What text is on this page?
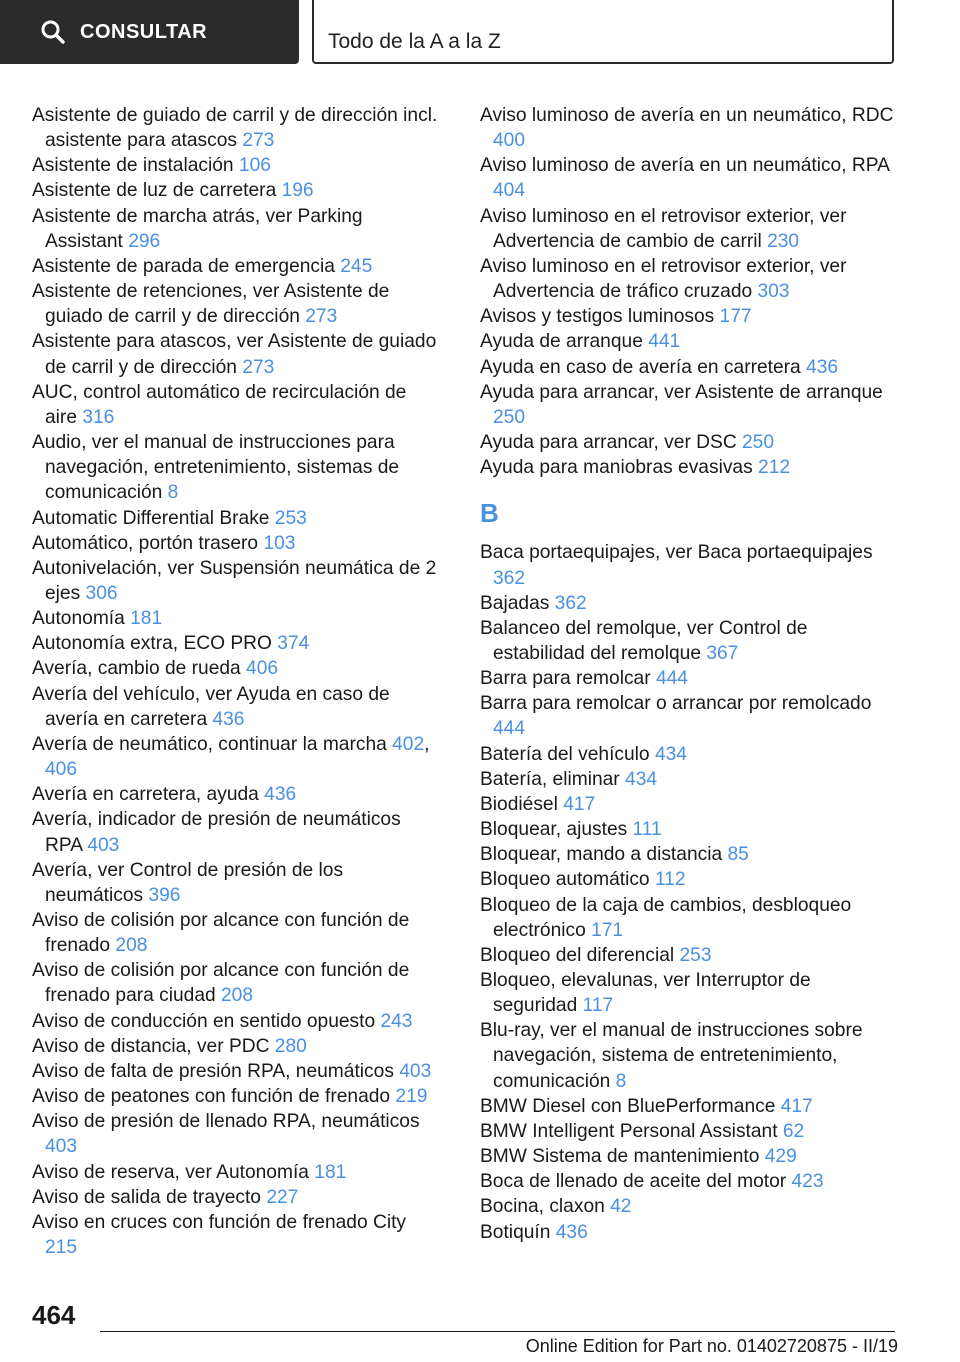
CONSULTAR	Todo de la A a la Z
Asistente de guiado de carril y de dirección incl. asistente para atascos 273
Asistente de instalación 106
Asistente de luz de carretera 196
Asistente de marcha atrás, ver Parking Assistant 296
Asistente de parada de emergencia 245
Asistente de retenciones, ver Asistente de guiado de carril y de dirección 273
Asistente para atascos, ver Asistente de guiado de carril y de dirección 273
AUC, control automático de recirculación de aire 316
Audio, ver el manual de instrucciones para navegación, entretenimiento, sistemas de comunicación 8
Automatic Differential Brake 253
Automático, portón trasero 103
Autonivelación, ver Suspensión neumática de 2 ejes 306
Autonomía 181
Autonomía extra, ECO PRO 374
Avería, cambio de rueda 406
Avería del vehículo, ver Ayuda en caso de avería en carretera 436
Avería de neumático, continuar la marcha 402, 406
Avería en carretera, ayuda 436
Avería, indicador de presión de neumáticos RPA 403
Avería, ver Control de presión de los neumáticos 396
Aviso de colisión por alcance con función de frenado 208
Aviso de colisión por alcance con función de frenado para ciudad 208
Aviso de conducción en sentido opuesto 243
Aviso de distancia, ver PDC 280
Aviso de falta de presión RPA, neumáticos 403
Aviso de peatones con función de frenado 219
Aviso de presión de llenado RPA, neumáticos 403
Aviso de reserva, ver Autonomía 181
Aviso de salida de trayecto 227
Aviso en cruces con función de frenado City 215
Aviso luminoso de avería en un neumático, RDC 400
Aviso luminoso de avería en un neumático, RPA 404
Aviso luminoso en el retrovisor exterior, ver Advertencia de cambio de carril 230
Aviso luminoso en el retrovisor exterior, ver Advertencia de tráfico cruzado 303
Avisos y testigos luminosos 177
Ayuda de arranque 441
Ayuda en caso de avería en carretera 436
Ayuda para arrancar, ver Asistente de arranque 250
Ayuda para arrancar, ver DSC 250
Ayuda para maniobras evasivas 212
B
Baca portaequipajes, ver Baca portaequipajes 362
Bajadas 362
Balanceo del remolque, ver Control de estabilidad del remolque 367
Barra para remolcar 444
Barra para remolcar o arrancar por remolcado 444
Batería del vehículo 434
Batería, eliminar 434
Biodiésel 417
Bloquear, ajustes 111
Bloquear, mando a distancia 85
Bloqueo automático 112
Bloqueo de la caja de cambios, desbloqueo electrónico 171
Bloqueo del diferencial 253
Bloqueo, elevalunas, ver Interruptor de seguridad 117
Blu-ray, ver el manual de instrucciones sobre navegación, sistema de entretenimiento, comunicación 8
BMW Diesel con BluePerformance 417
BMW Intelligent Personal Assistant 62
BMW Sistema de mantenimiento 429
Boca de llenado de aceite del motor 423
Bocina, claxon 42
Botiquín 436
464
Online Edition for Part no. 01402720875 - II/19
